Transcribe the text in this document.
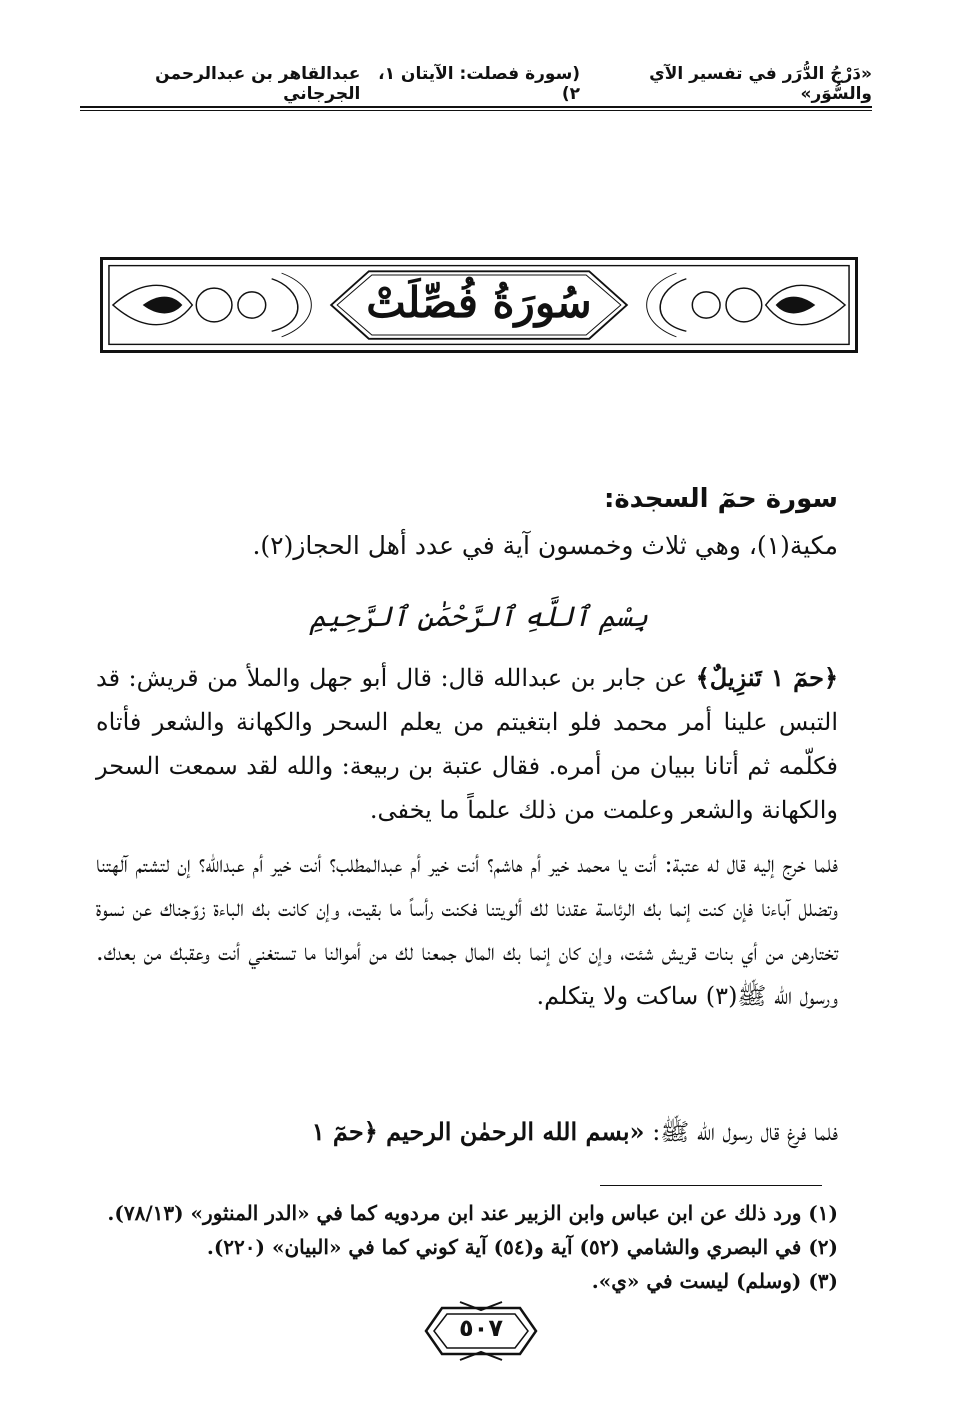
«دَرْجُ الدُّرَر في تفسير الآي والسُّوَر»
(سورة فصلت: الآيتان ١، ٢)
عبدالقاهر بن عبدالرحمن الجرجاني
سُورَةُ فُصِّلَتْ
سورة حمٓ السجدة:
مكية(١)، وهي ثلاث وخمسون آية في عدد أهل الحجاز(٢).
بِسْمِ ٱللَّهِ ٱلرَّحْمَٰنِ ٱلرَّحِيمِ
﴿حمٓ ١ تَنزِيلٌ﴾ عن جابر بن عبدالله قال: قال أبو جهل والملأ من قريش: قد التبس علينا أمر محمد فلو ابتغيتم من يعلم السحر والكهانة والشعر فأتاه فكلّمه ثم أتانا ببيان من أمره. فقال عتبة بن ربيعة: والله لقد سمعت السحر والكهانة والشعر وعلمت من ذلك علماً ما يخفى.
فلما خرج إليه قال له عتبة: أنت يا محمد خير أم هاشم؟ أنت خير أم عبدالمطلب؟ أنت خير أم عبدالله؟ إن لتشتم آلهتنا وتضلل آباءنا فإن كنت إنما بك الرئاسة عقدنا لك ألويتنا فكنت رأساً ما بقيت، وإن كانت بك الباءة زوّجناك عن نسوة تختارهن من أي بنات قريش شئت، وإن كان إنما بك المال جمعنا لك من أموالنا ما تستغني أنت وعقبك من بعدك. ورسول الله ﷺ(٣) ساكت ولا يتكلم.
فلما فرغ قال رسول الله ﷺ: «بسم الله الرحمٰن الرحيم ﴿حمٓ ١
(١) ورد ذلك عن ابن عباس وابن الزبير عند ابن مردويه كما في «الدر المنثور» (٧٨/١٣).
(٢) في البصري والشامي (٥٢) آية و(٥٤) آية كوني كما في «البيان» (٢٢٠).
(٣) (وسلم) ليست في «ي».
٥٠٧
